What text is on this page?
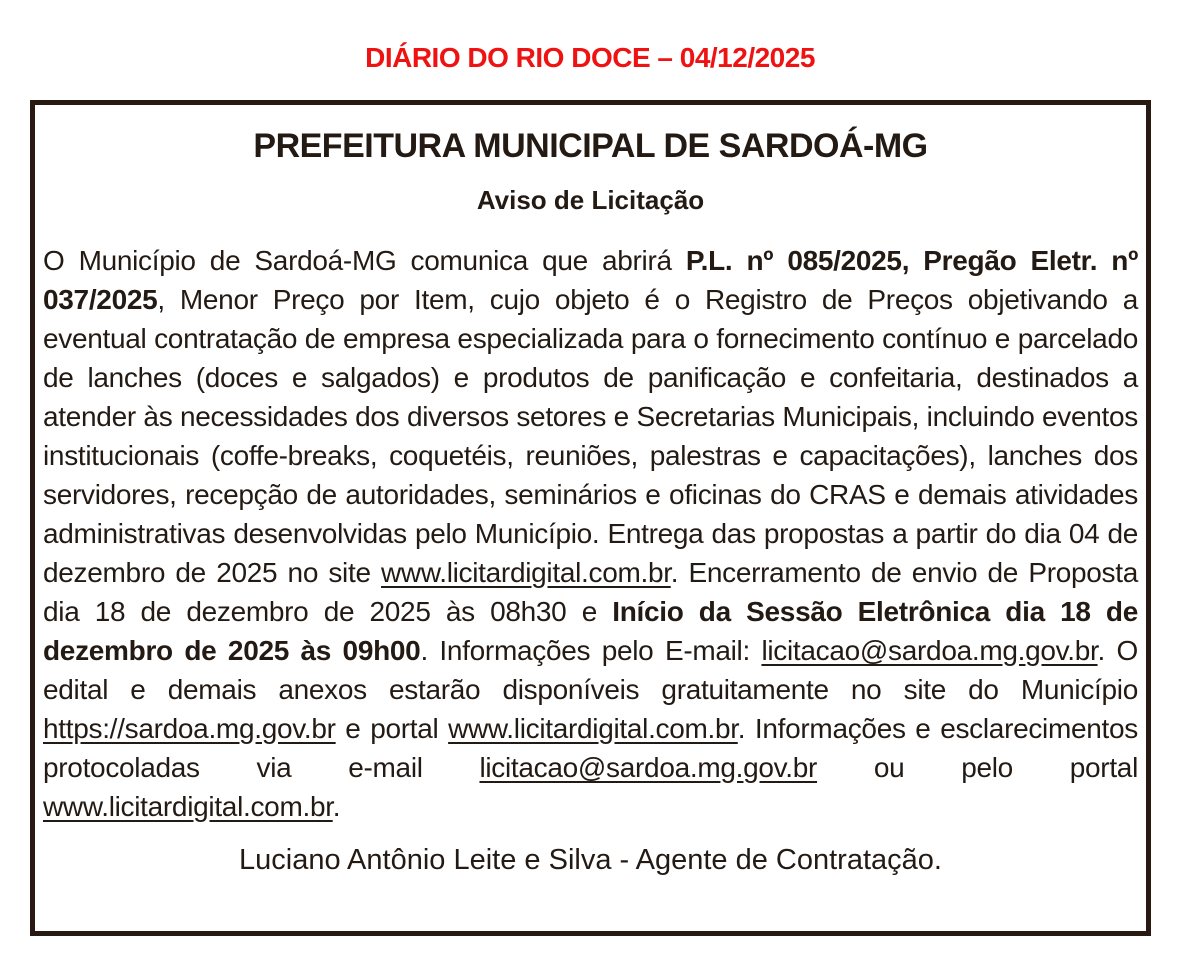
DIÁRIO DO RIO DOCE – 04/12/2025
PREFEITURA MUNICIPAL DE SARDOÁ-MG
Aviso de Licitação

O Município de Sardoá-MG comunica que abrirá P.L. nº 085/2025, Pregão Eletr. nº 037/2025, Menor Preço por Item, cujo objeto é o Registro de Preços objetivando a eventual contratação de empresa especializada para o fornecimento contínuo e parcelado de lanches (doces e salgados) e produtos de panificação e confeitaria, destinados a atender às necessidades dos diversos setores e Secretarias Municipais, incluindo eventos institucionais (coffe-breaks, coquetéis, reuniões, palestras e capacitações), lanches dos servidores, recepção de autoridades, seminários e oficinas do CRAS e demais atividades administrativas desenvolvidas pelo Município. Entrega das propostas a partir do dia 04 de dezembro de 2025 no site www.licitardigital.com.br. Encerramento de envio de Proposta dia 18 de dezembro de 2025 às 08h30 e Início da Sessão Eletrônica dia 18 de dezembro de 2025 às 09h00. Informações pelo E-mail: licitacao@sardoa.mg.gov.br. O edital e demais anexos estarão disponíveis gratuitamente no site do Município https://sardoa.mg.gov.br e portal www.licitardigital.com.br. Informações e esclarecimentos protocoladas via e-mail licitacao@sardoa.mg.gov.br ou pelo portal www.licitardigital.com.br.

Luciano Antônio Leite e Silva - Agente de Contratação.
